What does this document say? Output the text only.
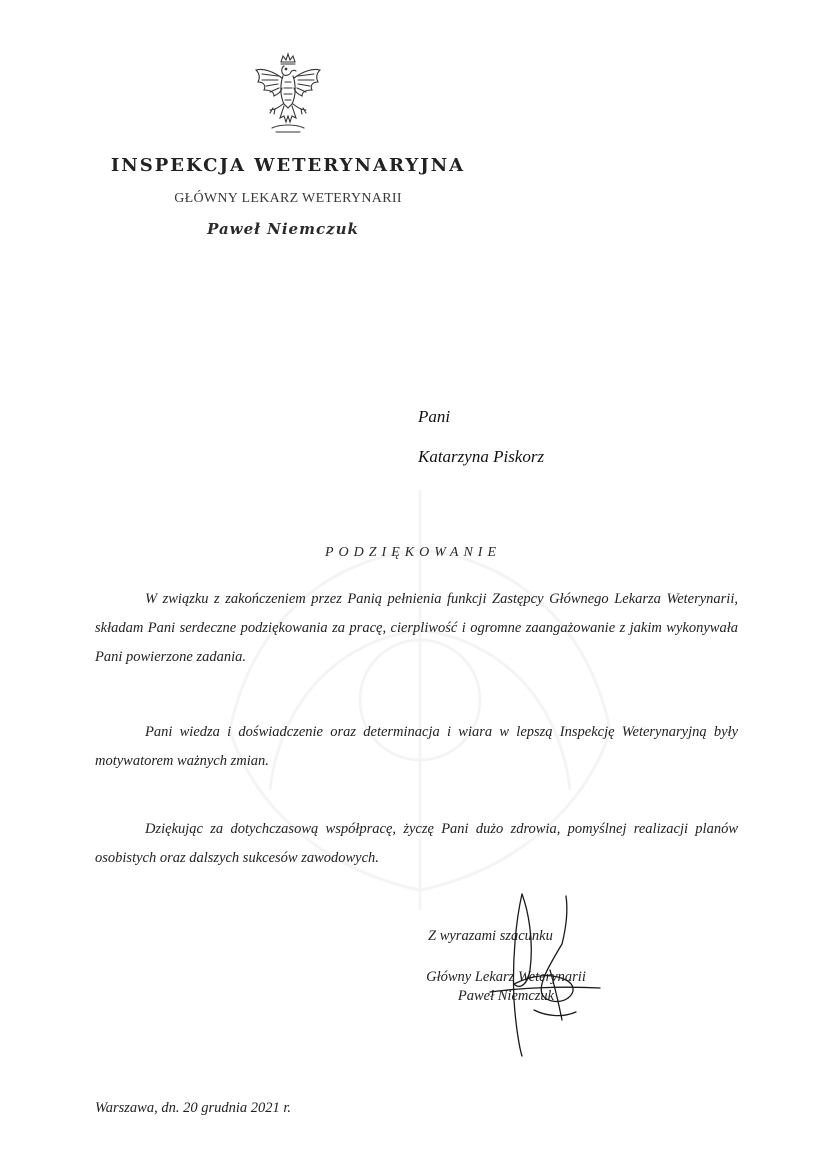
INSPEKCJA WETERYNARYJNA
GŁÓWNY LEKARZ WETERYNARII
Paweł Niemczuk
Pani
Katarzyna Piskorz
PODZIĘKOWANIE

W związku z zakończeniem przez Panią pełnienia funkcji Zastępcy Głównego Lekarza Weterynarii, składam Pani serdeczne podziękowania za pracę, cierpliwość i ogromne zaangażowanie z jakim wykonywała Pani powierzone zadania.

Pani wiedza i doświadczenie oraz determinacja i wiara w lepszą Inspekcję Weterynaryjną były motywatorem ważnych zmian.

Dziękując za dotychczasową współpracę, życzę Pani dużo zdrowia, pomyślnej realizacji planów osobistych oraz dalszych sukcesów zawodowych.

Z wyrazami szacunku
Główny Lekarz Weterynarii
Paweł Niemczuk
Warszawa, dn. 20 grudnia 2021 r.
